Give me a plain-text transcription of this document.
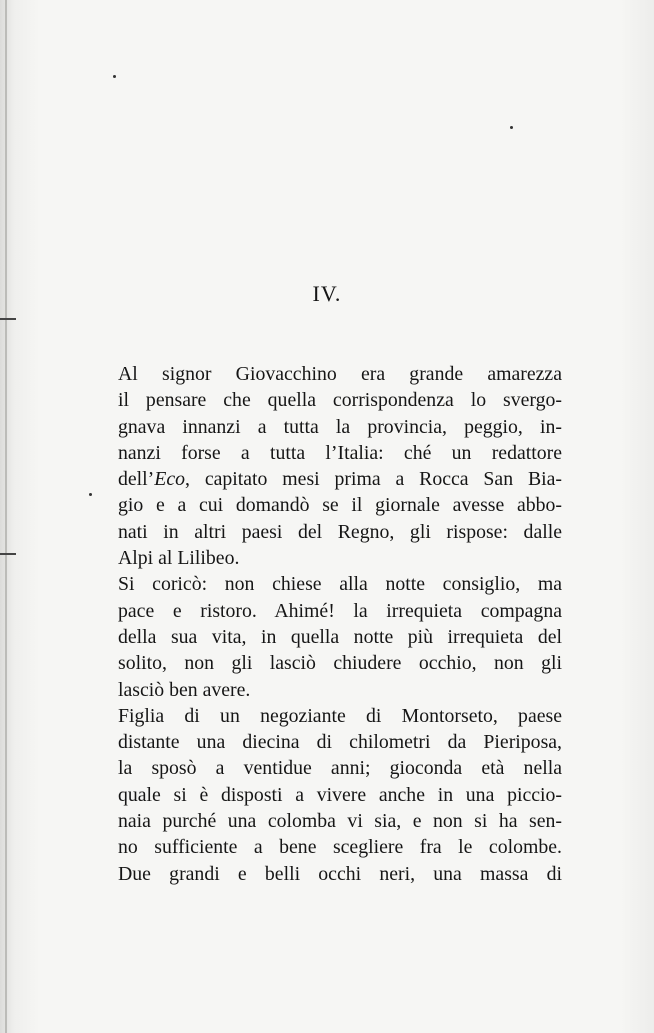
IV.
Al signor Giovacchino era grande amarezza
il pensare che quella corrispondenza lo svergo-
gnava innanzi a tutta la provincia, peggio, in-
nanzi forse a tutta l’Italia: ché un redattore
dell’Eco, capitato mesi prima a Rocca San Bia-
gio e a cui domandò se il giornale avesse abbo-
nati in altri paesi del Regno, gli rispose: dalle
Alpi al Lilibeo.
Si coricò: non chiese alla notte consiglio, ma
pace e ristoro. Ahimé! la irrequieta compagna
della sua vita, in quella notte più irrequieta del
solito, non gli lasciò chiudere occhio, non gli
lasciò ben avere.
Figlia di un negoziante di Montorseto, paese
distante una diecina di chilometri da Pieriposa,
la sposò a ventidue anni; gioconda età nella
quale si è disposti a vivere anche in una piccio-
naia purché una colomba vi sia, e non si ha sen-
no sufficiente a bene scegliere fra le colombe.
Due grandi e belli occhi neri, una massa di
